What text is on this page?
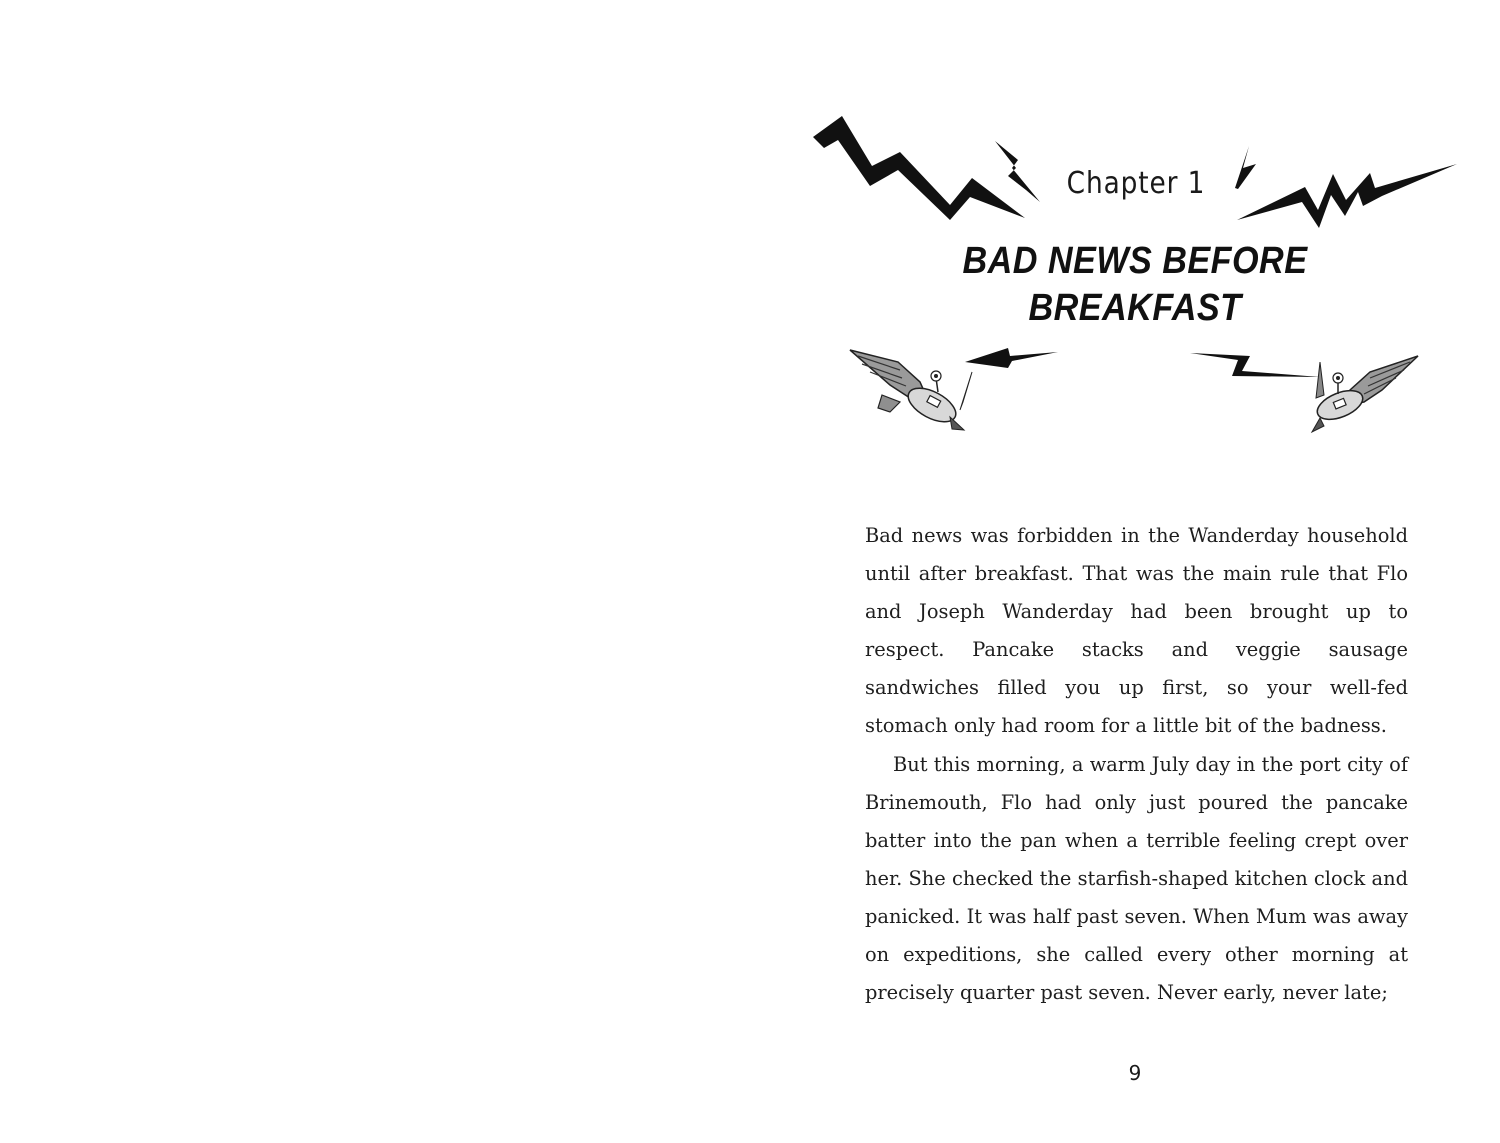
Chapter 1
BAD NEWS BEFORE
BREAKFAST

Bad news was forbidden in the Wanderday household until after breakfast. That was the main rule that Flo and Joseph Wanderday had been brought up to respect. Pancake stacks and veggie sausage sandwiches filled you up first, so your well-fed stomach only had room for a little bit of the badness.

But this morning, a warm July day in the port city of Brinemouth, Flo had only just poured the pancake batter into the pan when a terrible feeling crept over her. She checked the starfish-shaped kitchen clock and panicked. It was half past seven. When Mum was away on expeditions, she called every other morning at precisely quarter past seven. Never early, never late;

9
